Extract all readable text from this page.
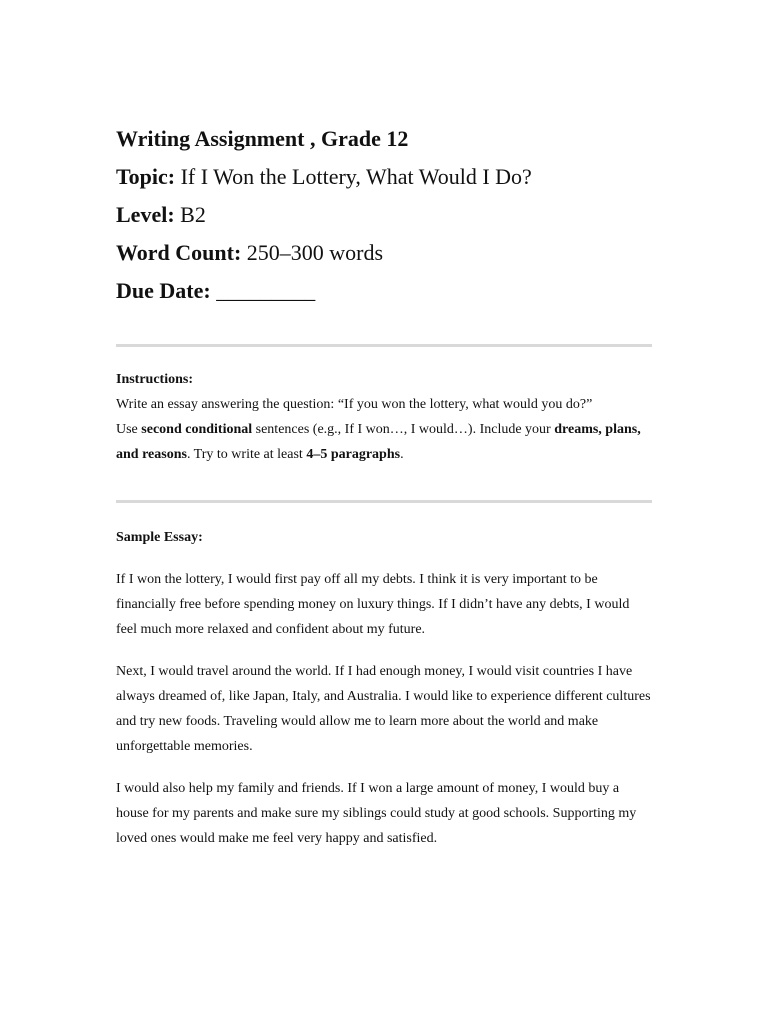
Writing Assignment , Grade 12

Topic: If I Won the Lottery, What Would I Do?

Level: B2

Word Count: 250–300 words

Due Date: _________

Instructions:

Write an essay answering the question: “If you won the lottery, what would you do?”
Use second conditional sentences (e.g., If I won…, I would…). Include your dreams, plans, and reasons. Try to write at least 4–5 paragraphs.

Sample Essay:

If I won the lottery, I would first pay off all my debts. I think it is very important to be financially free before spending money on luxury things. If I didn’t have any debts, I would feel much more relaxed and confident about my future.

Next, I would travel around the world. If I had enough money, I would visit countries I have always dreamed of, like Japan, Italy, and Australia. I would like to experience different cultures and try new foods. Traveling would allow me to learn more about the world and make unforgettable memories.

I would also help my family and friends. If I won a large amount of money, I would buy a house for my parents and make sure my siblings could study at good schools. Supporting my loved ones would make me feel very happy and satisfied.
